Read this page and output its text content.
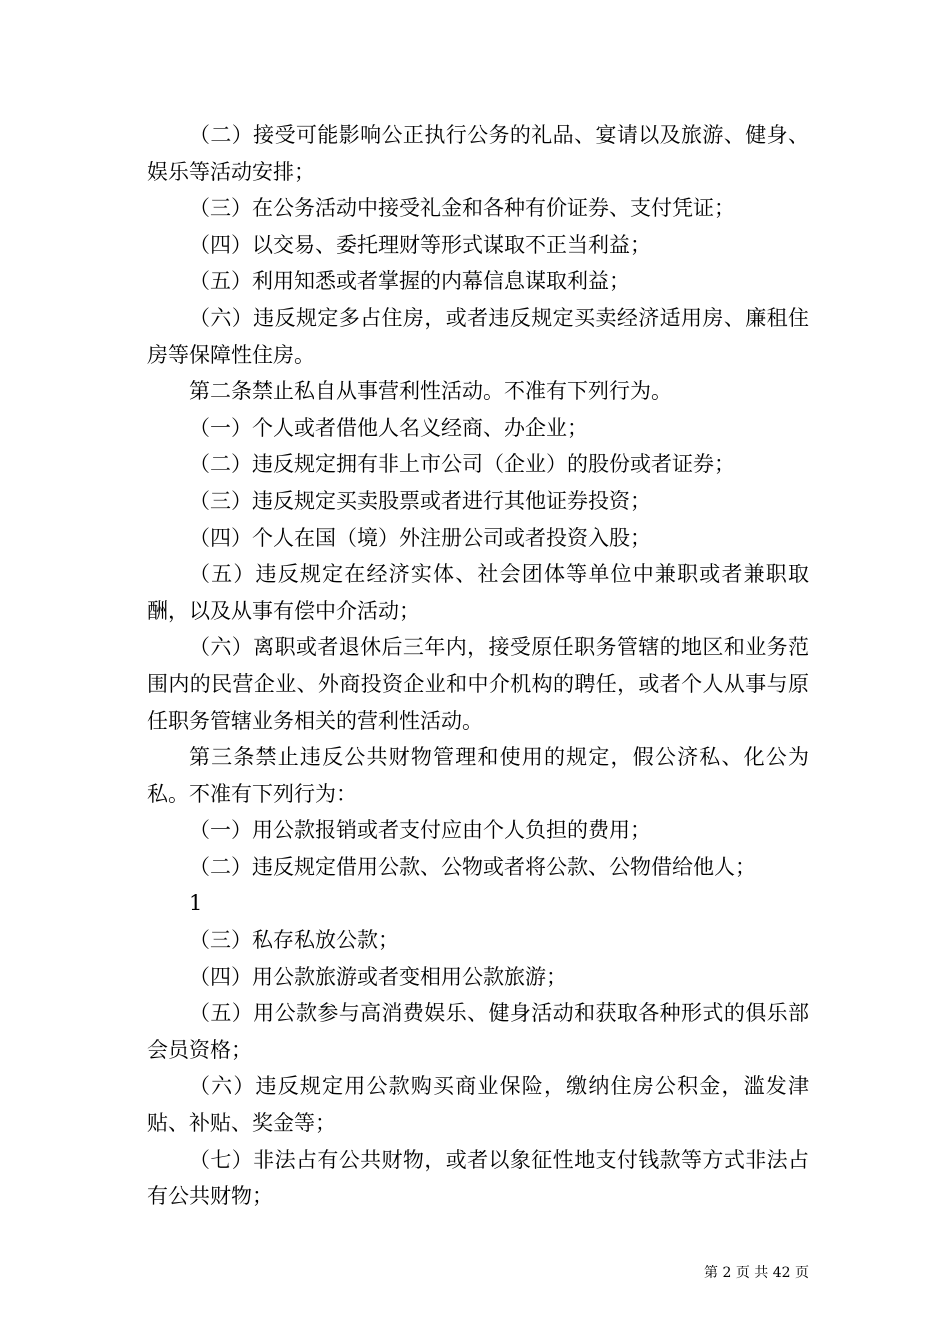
（二）接受可能影响公正执行公务的礼品、宴请以及旅游、健身、娱乐等活动安排；

（三）在公务活动中接受礼金和各种有价证券、支付凭证；

（四）以交易、委托理财等形式谋取不正当利益；

（五）利用知悉或者掌握的内幕信息谋取利益；

（六）违反规定多占住房，或者违反规定买卖经济适用房、廉租住房等保障性住房。

第二条禁止私自从事营利性活动。不准有下列行为。

（一）个人或者借他人名义经商、办企业；

（二）违反规定拥有非上市公司（企业）的股份或者证券；

（三）违反规定买卖股票或者进行其他证券投资；

（四）个人在国（境）外注册公司或者投资入股；

（五）违反规定在经济实体、社会团体等单位中兼职或者兼职取酬，以及从事有偿中介活动；

（六）离职或者退休后三年内，接受原任职务管辖的地区和业务范围内的民营企业、外商投资企业和中介机构的聘任，或者个人从事与原任职务管辖业务相关的营利性活动。

第三条禁止违反公共财物管理和使用的规定，假公济私、化公为私。不准有下列行为：

（一）用公款报销或者支付应由个人负担的费用；

（二）违反规定借用公款、公物或者将公款、公物借给他人；

1

（三）私存私放公款；

（四）用公款旅游或者变相用公款旅游；

（五）用公款参与高消费娱乐、健身活动和获取各种形式的俱乐部会员资格；

（六）违反规定用公款购买商业保险，缴纳住房公积金，滥发津贴、补贴、奖金等；

（七）非法占有公共财物，或者以象征性地支付钱款等方式非法占有公共财物；

第 2 页 共 42 页
